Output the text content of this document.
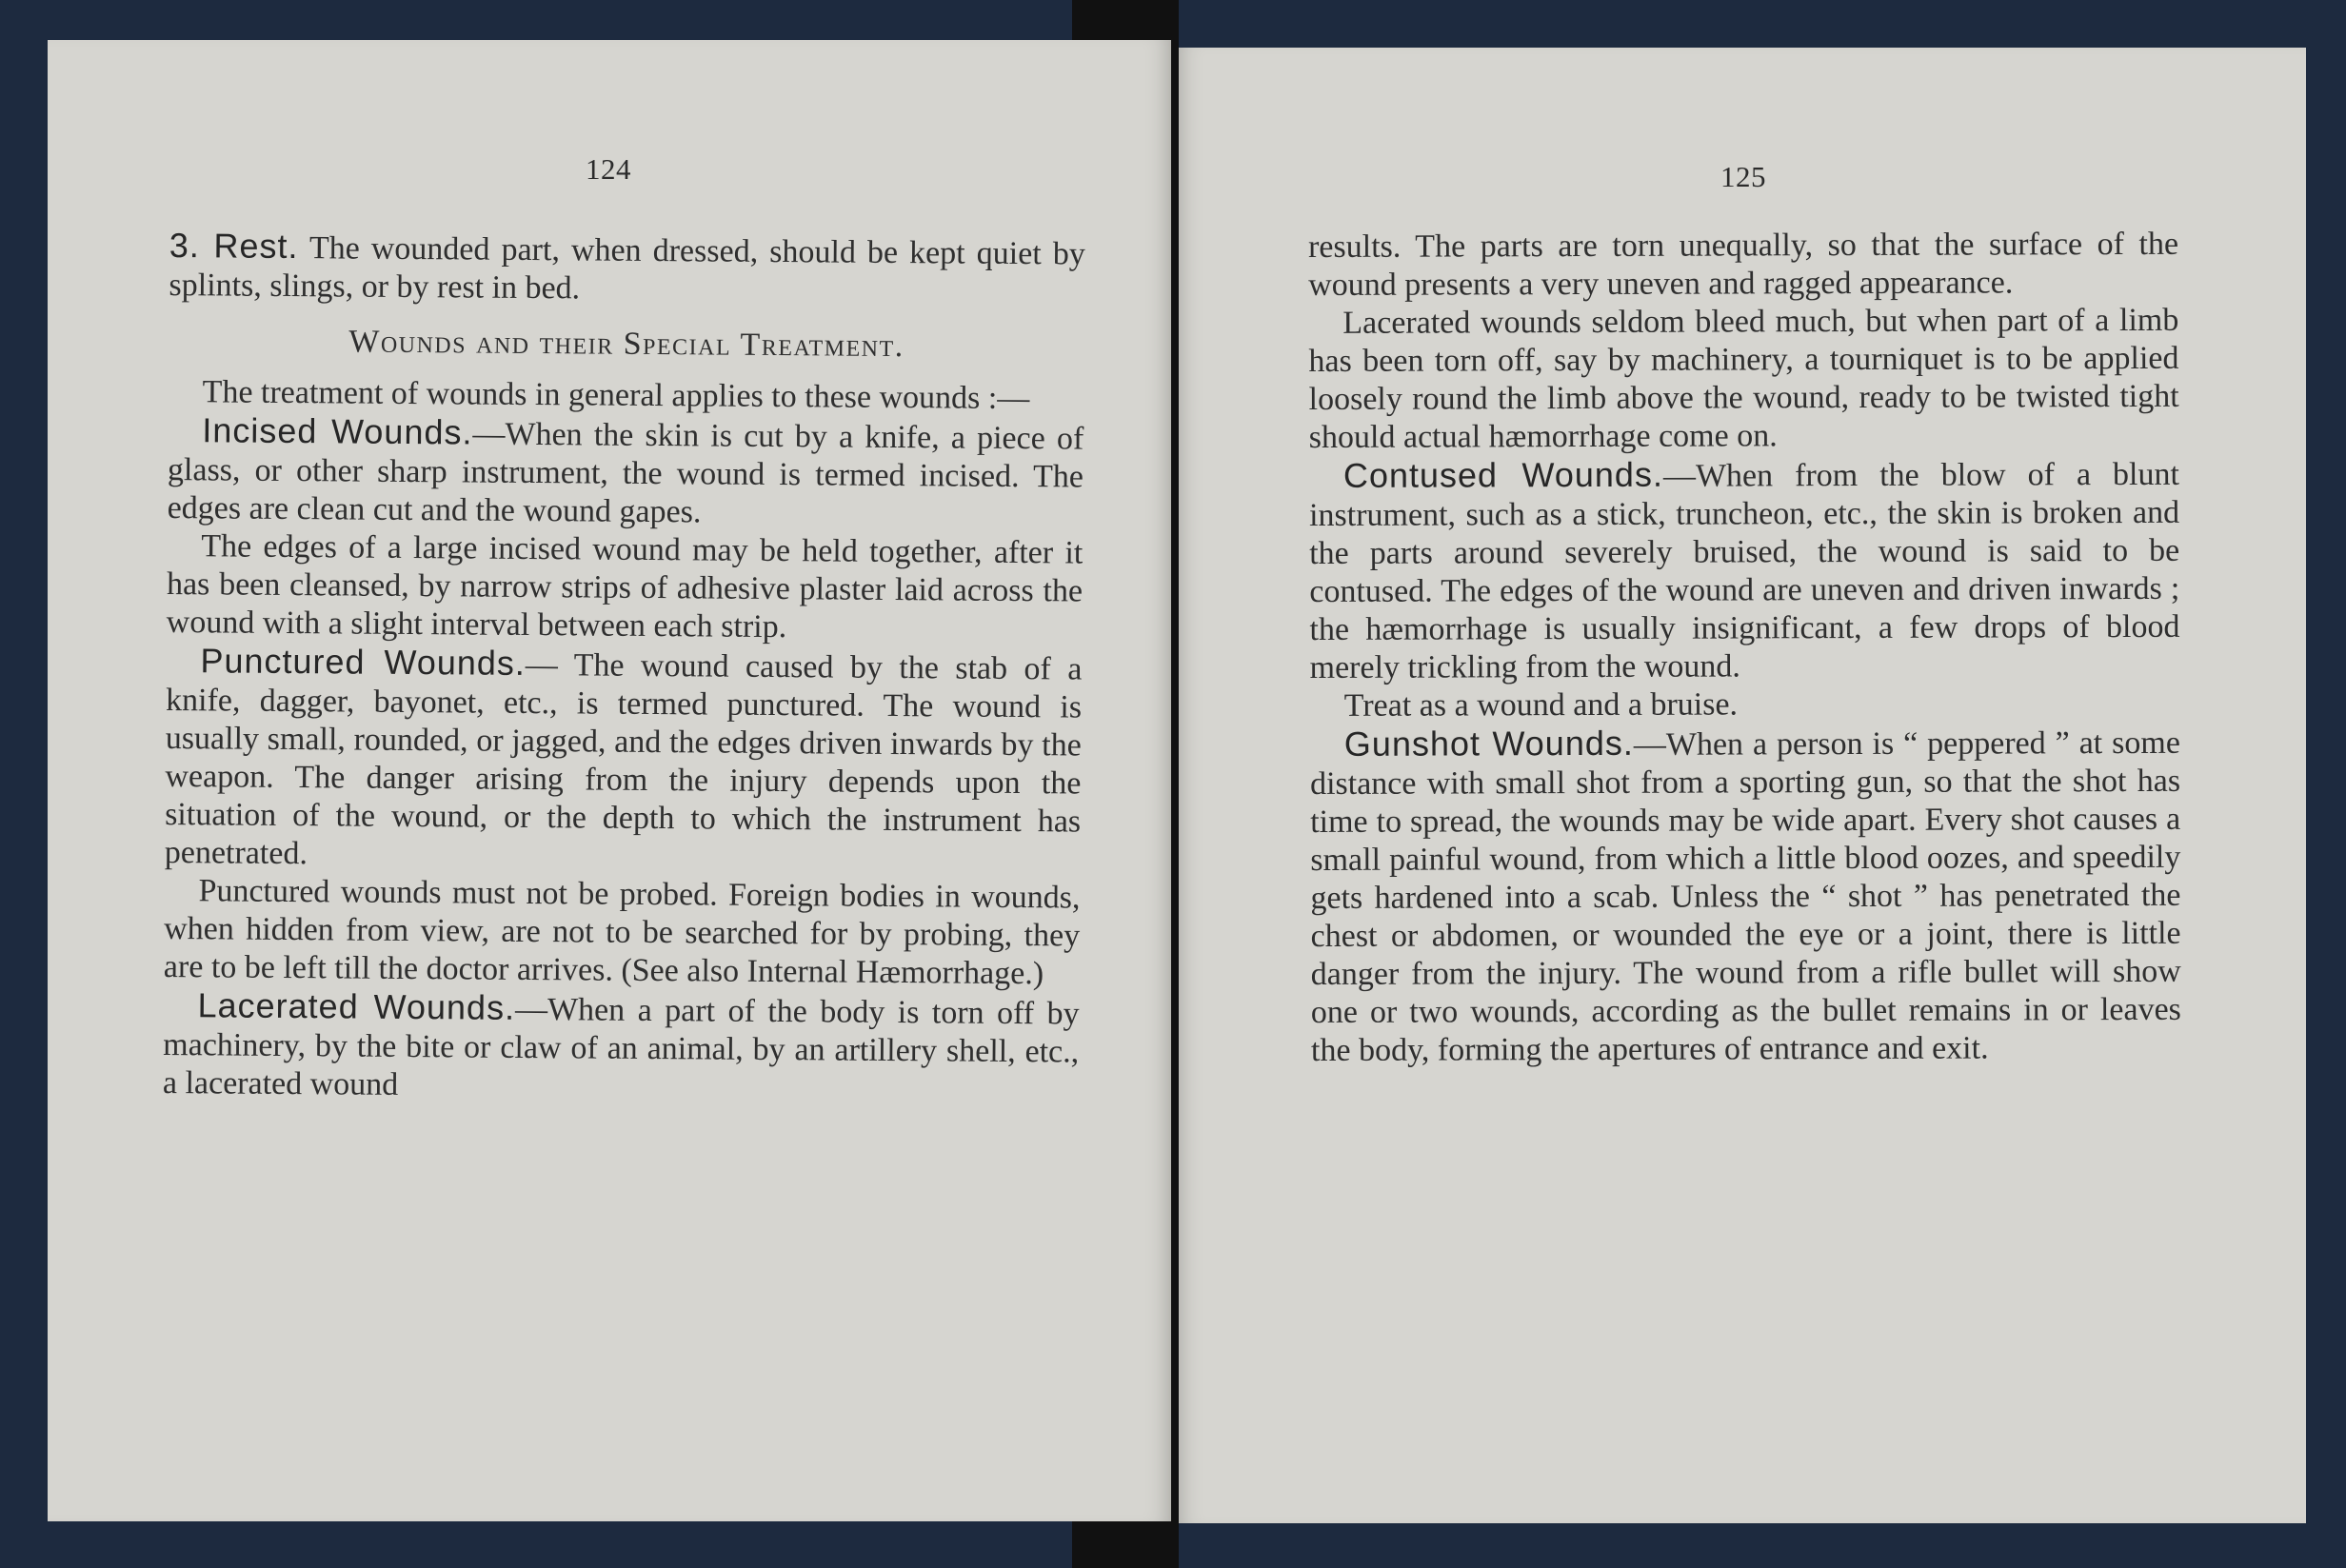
124

3. Rest. The wounded part, when dressed, should be kept quiet by splints, slings, or by rest in bed.

Wounds and their Special Treatment.

The treatment of wounds in general applies to these wounds :—

Incised Wounds.—When the skin is cut by a knife, a piece of glass, or other sharp instrument, the wound is termed incised. The edges are clean cut and the wound gapes.

The edges of a large incised wound may be held together, after it has been cleansed, by narrow strips of adhesive plaster laid across the wound with a slight interval between each strip.

Punctured Wounds.— The wound caused by the stab of a knife, dagger, bayonet, etc., is termed punctured. The wound is usually small, rounded, or jagged, and the edges driven inwards by the weapon. The danger arising from the injury depends upon the situation of the wound, or the depth to which the instrument has penetrated.

Punctured wounds must not be probed. Foreign bodies in wounds, when hidden from view, are not to be searched for by probing, they are to be left till the doctor arrives. (See also Internal Hæmorrhage.)

Lacerated Wounds.—When a part of the body is torn off by machinery, by the bite or claw of an animal, by an artillery shell, etc., a lacerated wound

125

results. The parts are torn unequally, so that the surface of the wound presents a very uneven and ragged appearance.

Lacerated wounds seldom bleed much, but when part of a limb has been torn off, say by machinery, a tourniquet is to be applied loosely round the limb above the wound, ready to be twisted tight should actual hæmorrhage come on.

Contused Wounds.—When from the blow of a blunt instrument, such as a stick, truncheon, etc., the skin is broken and the parts around severely bruised, the wound is said to be contused. The edges of the wound are uneven and driven inwards ; the hæmorrhage is usually insignificant, a few drops of blood merely trickling from the wound.

Treat as a wound and a bruise.

Gunshot Wounds.—When a person is “ peppered ” at some distance with small shot from a sporting gun, so that the shot has time to spread, the wounds may be wide apart. Every shot causes a small painful wound, from which a little blood oozes, and speedily gets hardened into a scab. Unless the “ shot ” has penetrated the chest or abdomen, or wounded the eye or a joint, there is little danger from the injury. The wound from a rifle bullet will show one or two wounds, according as the bullet remains in or leaves the body, forming the apertures of entrance and exit.
